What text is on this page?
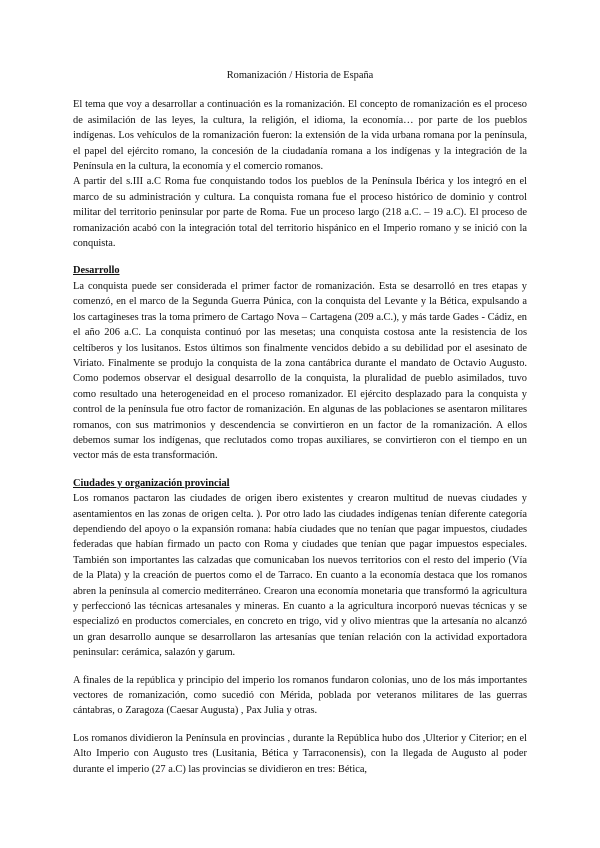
Romanización / Historia de España

El tema que voy a desarrollar a continuación es la romanización. El concepto de romanización es el proceso de asimilación de las leyes, la cultura, la religión, el idioma, la economía… por parte de los pueblos indígenas. Los vehículos de la romanización fueron: la extensión de la vida urbana romana por la península, el papel del ejército romano, la concesión de la ciudadanía romana a los indígenas y la integración de la Península en la cultura, la economía y el comercio romanos.

A partir del s.III a.C Roma fue conquistando todos los pueblos de la Península Ibérica y los integró en el marco de su administración y cultura. La conquista romana fue el proceso histórico de dominio y control militar del territorio peninsular por parte de Roma. Fue un proceso largo (218 a.C. – 19 a.C). El proceso de romanización acabó con la integración total del territorio hispánico en el Imperio romano y se inició con la conquista.

Desarrollo

La conquista puede ser considerada el primer factor de romanización. Esta se desarrolló en tres etapas y comenzó, en el marco de la Segunda Guerra Púnica, con la conquista del Levante y la Bética, expulsando a los cartagineses tras la toma primero de Cartago Nova – Cartagena (209 a.C.), y más tarde Gades - Cádiz, en el año 206 a.C. La conquista continuó por las mesetas; una conquista costosa ante la resistencia de los celtíberos y los lusitanos. Estos últimos son finalmente vencidos debido a su debilidad por el asesinato de Viriato. Finalmente se produjo la conquista de la zona cantábrica durante el mandato de Octavio Augusto. Como podemos observar el desigual desarrollo de la conquista, la pluralidad de pueblo asimilados, tuvo como resultado una heterogeneidad en el proceso romanizador. El ejército desplazado para la conquista y control de la península fue otro factor de romanización. En algunas de las poblaciones se asentaron militares romanos, con sus matrimonios y descendencia se convirtieron en un factor de la romanización. A ellos debemos sumar los indígenas, que reclutados como tropas auxiliares, se convirtieron con el tiempo en un vector más de esta transformación.

Ciudades y organización provincial

Los romanos pactaron las ciudades de origen ibero existentes y crearon multitud de nuevas ciudades y asentamientos en las zonas de origen celta. ). Por otro lado las ciudades indígenas tenían diferente categoría dependiendo del apoyo o la expansión romana: había ciudades que no tenían que pagar impuestos, ciudades federadas que habían firmado un pacto con Roma y ciudades que tenían que pagar impuestos especiales. También son importantes las calzadas que comunicaban los nuevos territorios con el resto del imperio (Vía de la Plata) y la creación de puertos como el de Tarraco. En cuanto a la economía destaca que los romanos abren la península al comercio mediterráneo. Crearon una economía monetaria que transformó la agricultura y perfeccionó las técnicas artesanales y mineras. En cuanto a la agricultura incorporó nuevas técnicas y se especializó en productos comerciales, en concreto en trigo, vid y olivo mientras que la artesanía no alcanzó un gran desarrollo aunque se desarrollaron las artesanías que tenían relación con la actividad exportadora peninsular: cerámica, salazón y garum.

A finales de la república y principio del imperio los romanos fundaron colonias, uno de los más importantes vectores de romanización, como sucedió con Mérida, poblada por veteranos militares de las guerras cántabras, o Zaragoza (Caesar Augusta) , Pax Julia y otras.

Los romanos dividieron la Península en provincias , durante la República hubo dos ,Ulterior y Citerior; en el Alto Imperio con Augusto tres (Lusitania, Bética y Tarraconensis), con la llegada de Augusto al poder durante el imperio (27 a.C) las provincias se dividieron en tres: Bética,
